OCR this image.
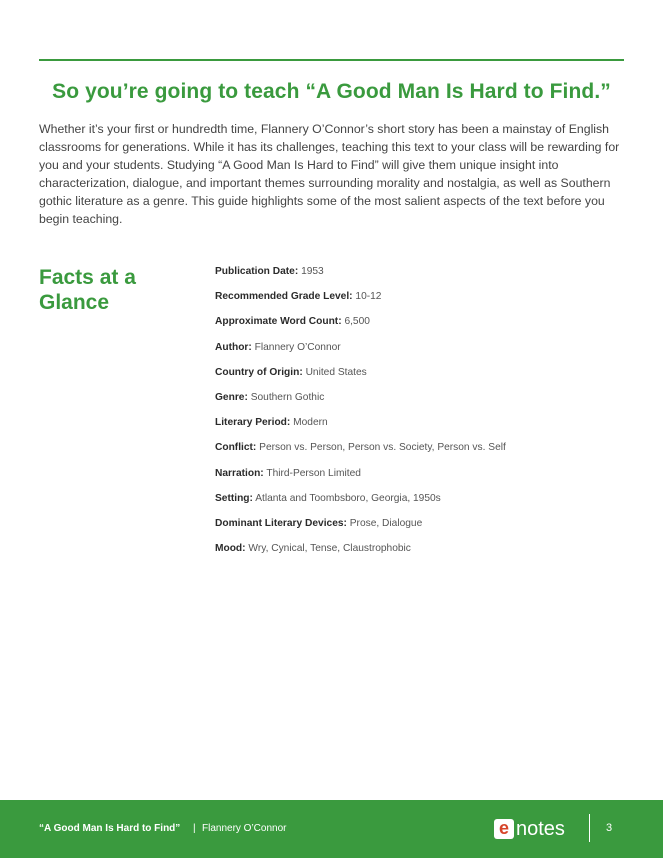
So you’re going to teach “A Good Man Is Hard to Find.”

Whether it’s your first or hundredth time, Flannery O’Connor’s short story has been a mainstay of English classrooms for generations. While it has its challenges, teaching this text to your class will be rewarding for you and your students. Studying “A Good Man Is Hard to Find” will give them unique insight into characterization, dialogue, and important themes surrounding morality and nostalgia, as well as Southern gothic literature as a genre. This guide highlights some of the most salient aspects of the text before you begin teaching.

Facts at a Glance
Publication Date: 1953
Recommended Grade Level: 10-12
Approximate Word Count: 6,500
Author: Flannery O’Connor
Country of Origin: United States
Genre: Southern Gothic
Literary Period: Modern
Conflict: Person vs. Person, Person vs. Society, Person vs. Self
Narration: Third-Person Limited
Setting: Atlanta and Toombsboro, Georgia, 1950s
Dominant Literary Devices: Prose, Dialogue
Mood: Wry, Cynical, Tense, Claustrophobic
“A Good Man Is Hard to Find” | Flannery O’Connor	e notes	3
